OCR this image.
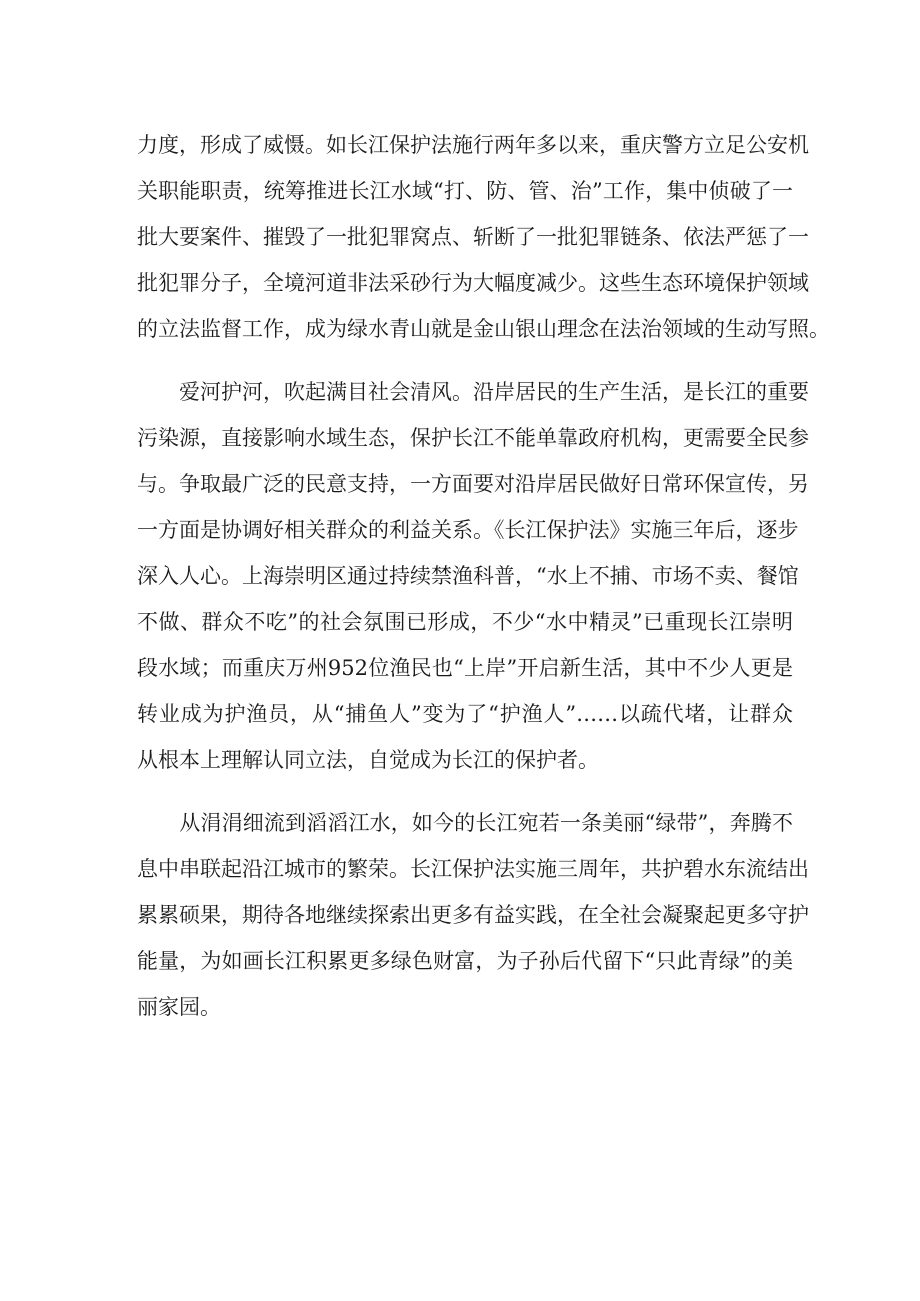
力度，形成了威慑。如长江保护法施行两年多以来，重庆警方立足公安机
关职能职责，统筹推进长江水域“打、防、管、治”工作，集中侦破了一
批大要案件、摧毁了一批犯罪窝点、斩断了一批犯罪链条、依法严惩了一
批犯罪分子，全境河道非法采砂行为大幅度减少。这些生态环境保护领域
的立法监督工作，成为绿水青山就是金山银山理念在法治领域的生动写照。
　　爱河护河，吹起满目社会清风。沿岸居民的生产生活，是长江的重要
污染源，直接影响水域生态，保护长江不能单靠政府机构，更需要全民参
与。争取最广泛的民意支持，一方面要对沿岸居民做好日常环保宣传，另
一方面是协调好相关群众的利益关系。《长江保护法》实施三年后，逐步
深入人心。上海崇明区通过持续禁渔科普，“水上不捕、市场不卖、餐馆
不做、群众不吃”的社会氛围已形成，不少“水中精灵”已重现长江崇明
段水域；而重庆万州952位渔民也“上岸”开启新生活，其中不少人更是
转业成为护渔员，从“捕鱼人”变为了“护渔人”……以疏代堵，让群众
从根本上理解认同立法，自觉成为长江的保护者。
　　从涓涓细流到滔滔江水，如今的长江宛若一条美丽“绿带”，奔腾不
息中串联起沿江城市的繁荣。长江保护法实施三周年，共护碧水东流结出
累累硕果，期待各地继续探索出更多有益实践，在全社会凝聚起更多守护
能量，为如画长江积累更多绿色财富，为子孙后代留下“只此青绿”的美
丽家园。
